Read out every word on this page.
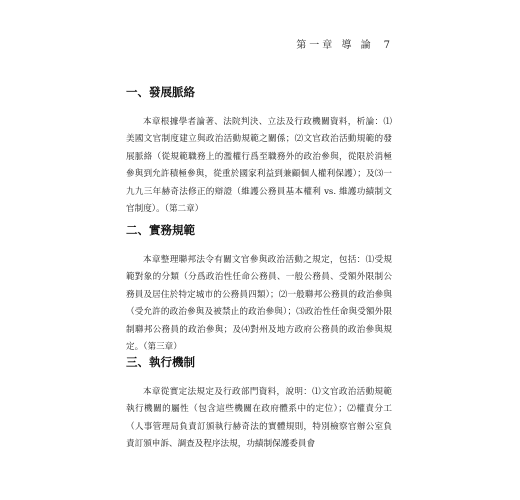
第一章 導 論 7
一、發展脈絡

本章根據學者論著、法院判決、立法及行政機關資料，析論：⑴美國文官制度建立與政治活動規範之關係；⑵文官政治活動規範的發展脈絡（從規範職務上的濫權行爲至職務外的政治參與，從限於消極參與到允許積極參與，從重於國家利益到兼顧個人權利保護）；及⑶一九九三年赫奇法修正的辯證（維護公務員基本權利 vs. 維護功績制文官制度）。（第二章）

二、實務規範

本章整理聯邦法令有關文官參與政治活動之規定，包括：⑴受規範對象的分類（分爲政治性任命公務員、一般公務員、受額外限制公務員及居住於特定城市的公務員四類）；⑵一般聯邦公務員的政治參與（受允許的政治參與及被禁止的政治參與）；⑶政治性任命與受額外限制聯邦公務員的政治參與；及⑷對州及地方政府公務員的政治參與規定。（第三章）

三、執行機制

本章從實定法規定及行政部門資料，說明：⑴文官政治活動規範執行機關的屬性（包含這些機關在政府體系中的定位）；⑵權責分工（人事管理局負責訂頒執行赫奇法的實體規則，特別檢察官辦公室負責訂頒申訴、調查及程序法規，功績制保護委員會
